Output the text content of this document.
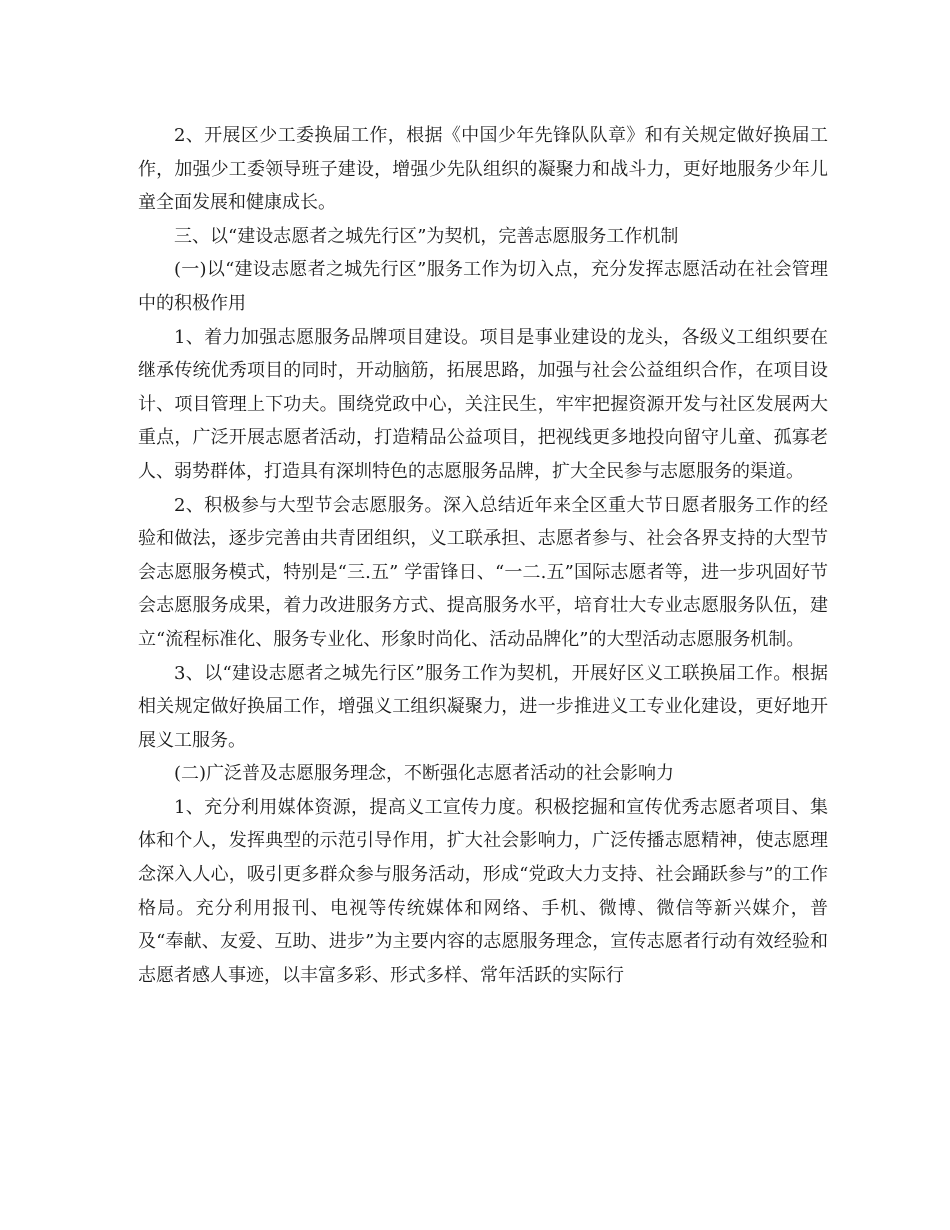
2、开展区少工委换届工作，根据《中国少年先锋队队章》和有关规定做好换届工作，加强少工委领导班子建设，增强少先队组织的凝聚力和战斗力，更好地服务少年儿童全面发展和健康成长。

三、以“建设志愿者之城先行区”为契机，完善志愿服务工作机制

(一)以“建设志愿者之城先行区”服务工作为切入点，充分发挥志愿活动在社会管理中的积极作用

1、着力加强志愿服务品牌项目建设。项目是事业建设的龙头，各级义工组织要在继承传统优秀项目的同时，开动脑筋，拓展思路，加强与社会公益组织合作，在项目设计、项目管理上下功夫。围绕党政中心，关注民生，牢牢把握资源开发与社区发展两大重点，广泛开展志愿者活动，打造精品公益项目，把视线更多地投向留守儿童、孤寡老人、弱势群体，打造具有深圳特色的志愿服务品牌，扩大全民参与志愿服务的渠道。

2、积极参与大型节会志愿服务。深入总结近年来全区重大节日愿者服务工作的经验和做法，逐步完善由共青团组织，义工联承担、志愿者参与、社会各界支持的大型节会志愿服务模式，特别是“三.五” 学雷锋日、“一二.五”国际志愿者等，进一步巩固好节会志愿服务成果，着力改进服务方式、提高服务水平，培育壮大专业志愿服务队伍，建立“流程标准化、服务专业化、形象时尚化、活动品牌化”的大型活动志愿服务机制。

3、以“建设志愿者之城先行区”服务工作为契机，开展好区义工联换届工作。根据相关规定做好换届工作，增强义工组织凝聚力，进一步推进义工专业化建设，更好地开展义工服务。

(二)广泛普及志愿服务理念，不断强化志愿者活动的社会影响力

1、充分利用媒体资源，提高义工宣传力度。积极挖掘和宣传优秀志愿者项目、集体和个人，发挥典型的示范引导作用，扩大社会影响力，广泛传播志愿精神，使志愿理念深入人心，吸引更多群众参与服务活动，形成“党政大力支持、社会踊跃参与”的工作格局。充分利用报刊、电视等传统媒体和网络、手机、微博、微信等新兴媒介，普及“奉献、友爱、互助、进步”为主要内容的志愿服务理念，宣传志愿者行动有效经验和志愿者感人事迹，以丰富多彩、形式多样、常年活跃的实际行
